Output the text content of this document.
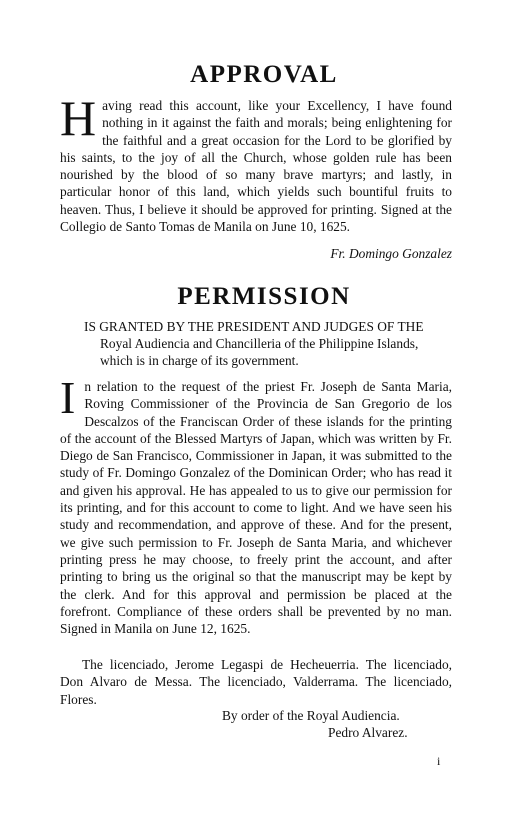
APPROVAL

Having read this account, like your Excellency, I have found nothing in it against the faith and morals; being enlightening for the faithful and a great occasion for the Lord to be glorified by his saints, to the joy of all the Church, whose golden rule has been nourished by the blood of so many brave martyrs; and lastly, in particular honor of this land, which yields such bountiful fruits to heaven. Thus, I believe it should be approved for printing. Signed at the Collegio de Santo Tomas de Manila on June 10, 1625.

Fr. Domingo Gonzalez

PERMISSION

IS GRANTED BY THE PRESIDENT AND JUDGES OF THE
Royal Audiencia and Chancilleria of the Philippine Islands,
which is in charge of its government.

In relation to the request of the priest Fr. Joseph de Santa Maria, Roving Commissioner of the Provincia de San Gregorio de los Descalzos of the Franciscan Order of these islands for the printing of the account of the Blessed Martyrs of Japan, which was written by Fr. Diego de San Francisco, Commissioner in Japan, it was submitted to the study of Fr. Domingo Gonzalez of the Dominican Order; who has read it and given his approval. He has appealed to us to give our permission for its printing, and for this account to come to light. And we have seen his study and recommendation, and approve of these. And for the present, we give such permission to Fr. Joseph de Santa Maria, and whichever printing press he may choose, to freely print the account, and after printing to bring us the original so that the manuscript may be kept by the clerk. And for this approval and permission be placed at the forefront. Compliance of these orders shall be prevented by no man. Signed in Manila on June 12, 1625.

The licenciado, Jerome Legaspi de Hecheuerria. The licenciado, Don Alvaro de Messa. The licenciado, Valderrama. The licenciado, Flores.

By order of the Royal Audiencia.
Pedro Alvarez.

i
